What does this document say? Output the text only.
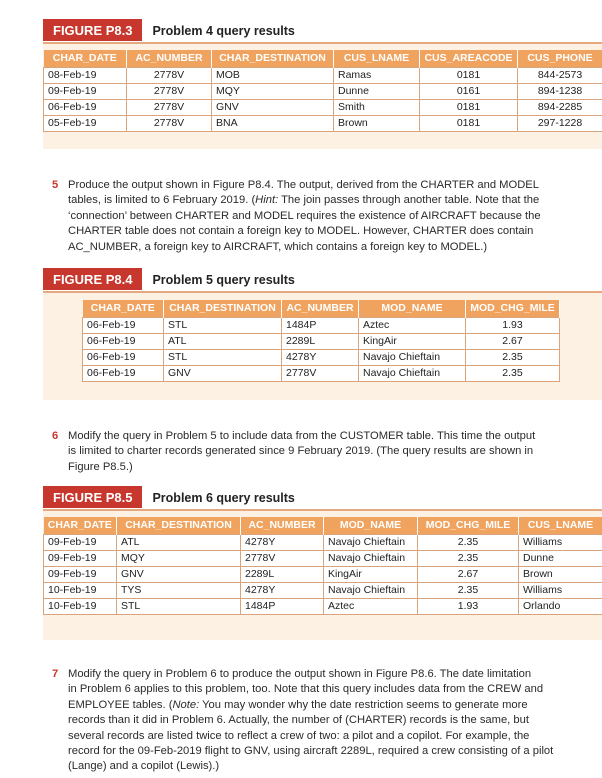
FIGURE P8.3	Problem 4 query results
CHAR_DATE	AC_NUMBER	CHAR_DESTINATION	CUS_LNAME	CUS_AREACODE	CUS_PHONE
08-Feb-19	2778V	MOB	Ramas	0181	844-2573
09-Feb-19	2778V	MQY	Dunne	0161	894-1238
06-Feb-19	2778V	GNV	Smith	0181	894-2285
05-Feb-19	2778V	BNA	Brown	0181	297-1228
5 Produce the output shown in Figure P8.4. The output, derived from the CHARTER and MODEL
tables, is limited to 6 February 2019. (Hint: The join passes through another table. Note that the
‘connection’ between CHARTER and MODEL requires the existence of AIRCRAFT because the
CHARTER table does not contain a foreign key to MODEL. However, CHARTER does contain
AC_NUMBER, a foreign key to AIRCRAFT, which contains a foreign key to MODEL.)
FIGURE P8.4	Problem 5 query results
CHAR_DATE	CHAR_DESTINATION	AC_NUMBER	MOD_NAME	MOD_CHG_MILE
06-Feb-19	STL	1484P	Aztec	1.93
06-Feb-19	ATL	2289L	KingAir	2.67
06-Feb-19	STL	4278Y	Navajo Chieftain	2.35
06-Feb-19	GNV	2778V	Navajo Chieftain	2.35
6 Modify the query in Problem 5 to include data from the CUSTOMER table. This time the output
is limited to charter records generated since 9 February 2019. (The query results are shown in
Figure P8.5.)
FIGURE P8.5	Problem 6 query results
CHAR_DATE	CHAR_DESTINATION	AC_NUMBER	MOD_NAME	MOD_CHG_MILE	CUS_LNAME
09-Feb-19	ATL	4278Y	Navajo Chieftain	2.35	Williams
09-Feb-19	MQY	2778V	Navajo Chieftain	2.35	Dunne
09-Feb-19	GNV	2289L	KingAir	2.67	Brown
10-Feb-19	TYS	4278Y	Navajo Chieftain	2.35	Williams
10-Feb-19	STL	1484P	Aztec	1.93	Orlando
7 Modify the query in Problem 6 to produce the output shown in Figure P8.6. The date limitation
in Problem 6 applies to this problem, too. Note that this query includes data from the CREW and
EMPLOYEE tables. (Note: You may wonder why the date restriction seems to generate more
records than it did in Problem 6. Actually, the number of (CHARTER) records is the same, but
several records are listed twice to reflect a crew of two: a pilot and a copilot. For example, the
record for the 09-Feb-2019 flight to GNV, using aircraft 2289L, required a crew consisting of a pilot
(Lange) and a copilot (Lewis).)
